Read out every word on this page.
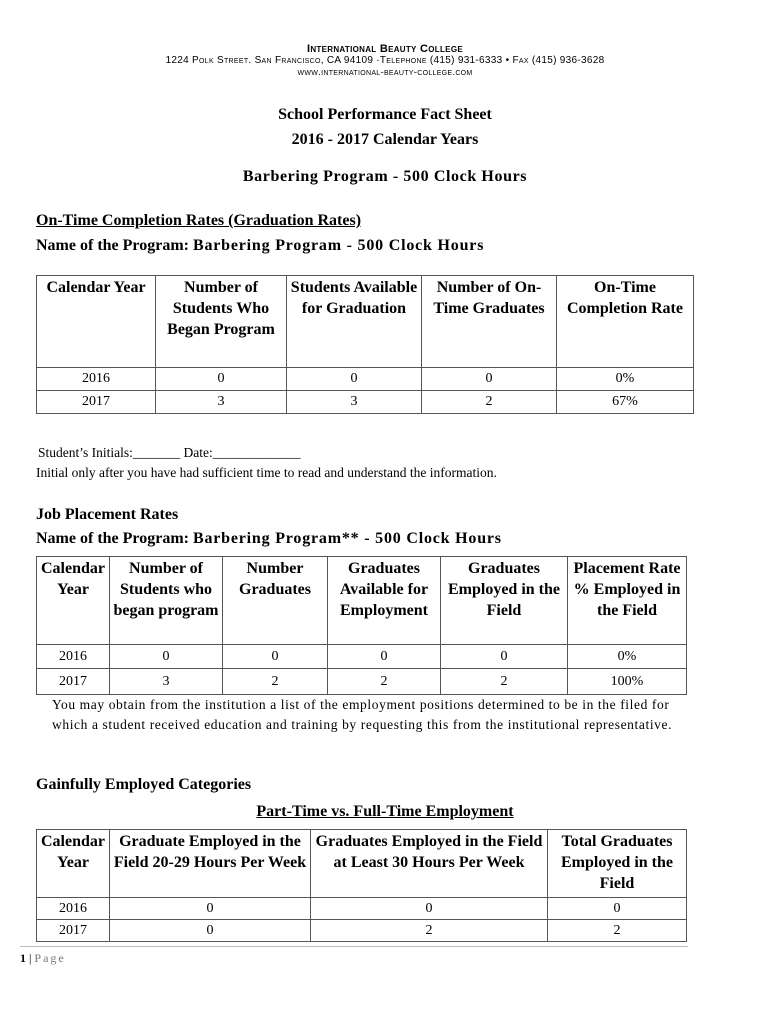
International Beauty College
1224 Polk Street. San Francisco, CA 94109 ·Telephone (415) 931-6333 • Fax (415) 936-3628
www.international-beauty-college.com
School Performance Fact Sheet
2016 - 2017 Calendar Years
Barbering Program - 500 Clock Hours
On-Time Completion Rates (Graduation Rates)
Name of the Program: Barbering Program - 500 Clock Hours
Calendar Year	Number of Students Who Began Program	Students Available for Graduation	Number of On-Time Graduates	On-Time Completion Rate
2016	0	0	0	0%
2017	3	3	2	67%
Student’s Initials:_______ Date:_____________
Initial only after you have had sufficient time to read and understand the information.
Job Placement Rates
Name of the Program: Barbering Program** - 500 Clock Hours
Calendar Year	Number of Students who began program	Number Graduates	Graduates Available for Employment	Graduates Employed in the Field	Placement Rate % Employed in the Field
2016	0	0	0	0	0%
2017	3	2	2	2	100%
You may obtain from the institution a list of the employment positions determined to be in the filed for which a student received education and training by requesting this from the institutional representative.
Gainfully Employed Categories
Part-Time vs. Full-Time Employment
Calendar Year	Graduate Employed in the Field 20-29 Hours Per Week	Graduates Employed in the Field at Least 30 Hours Per Week	Total Graduates Employed in the Field
2016	0	0	0
2017	0	2	2
1 | Page
